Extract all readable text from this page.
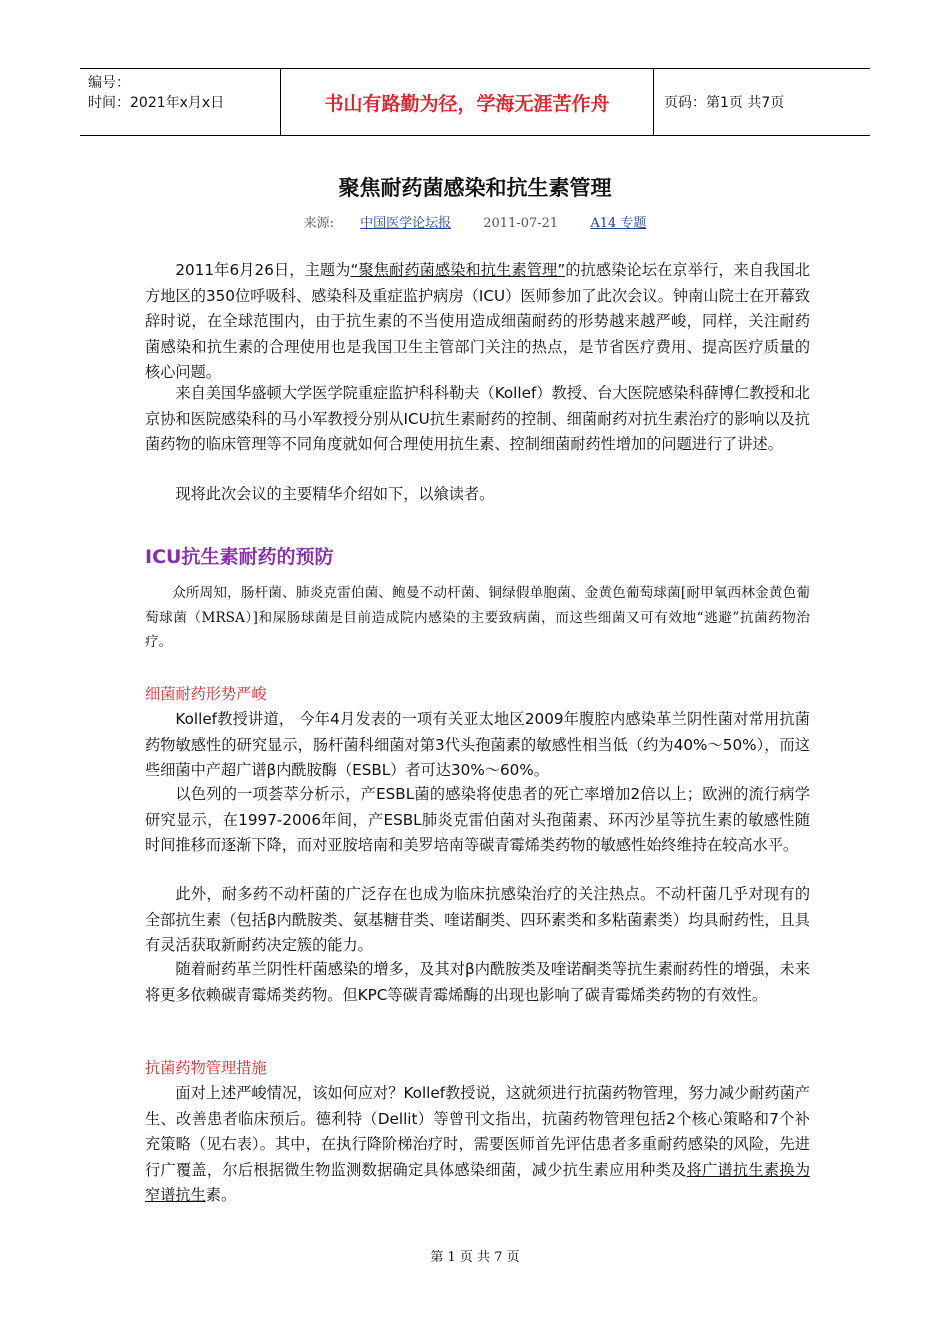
编号：
时间：2021年x月x日	书山有路勤为径，学海无涯苦作舟	页码：第1页 共7页
聚焦耐药菌感染和抗生素管理
来源: 中国医学论坛报 2011-07-21 A14 专题
2011年6月26日，主题为“聚焦耐药菌感染和抗生素管理”的抗感染论坛在京举行，来自我国北方地区的350位呼吸科、感染科及重症监护病房（ICU）医师参加了此次会议。钟南山院士在开幕致辞时说，在全球范围内，由于抗生素的不当使用造成细菌耐药的形势越来越严峻，同样，关注耐药菌感染和抗生素的合理使用也是我国卫生主管部门关注的热点，是节省医疗费用、提高医疗质量的核心问题。
来自美国华盛顿大学医学院重症监护科科勒夫（Kollef）教授、台大医院感染科薛博仁教授和北京协和医院感染科的马小军教授分别从ICU抗生素耐药的控制、细菌耐药对抗生素治疗的影响以及抗菌药物的临床管理等不同角度就如何合理使用抗生素、控制细菌耐药性增加的问题进行了讲述。
现将此次会议的主要精华介绍如下，以飨读者。
ICU抗生素耐药的预防
众所周知，肠杆菌、肺炎克雷伯菌、鲍曼不动杆菌、铜绿假单胞菌、金黄色葡萄球菌[耐甲氧西林金黄色葡萄球菌（MRSA）]和屎肠球菌是目前造成院内感染的主要致病菌，而这些细菌又可有效地“逃避”抗菌药物治疗。
细菌耐药形势严峻
Kollef教授讲道， 今年4月发表的一项有关亚太地区2009年腹腔内感染革兰阴性菌对常用抗菌药物敏感性的研究显示，肠杆菌科细菌对第3代头孢菌素的敏感性相当低（约为40%～50%），而这些细菌中产超广谱β内酰胺酶（ESBL）者可达30%～60%。
以色列的一项荟萃分析示，产ESBL菌的感染将使患者的死亡率增加2倍以上；欧洲的流行病学研究显示，在1997-2006年间，产ESBL肺炎克雷伯菌对头孢菌素、环丙沙星等抗生素的敏感性随时间推移而逐渐下降，而对亚胺培南和美罗培南等碳青霉烯类药物的敏感性始终维持在较高水平。
此外，耐多药不动杆菌的广泛存在也成为临床抗感染治疗的关注热点。不动杆菌几乎对现有的全部抗生素（包括β内酰胺类、氨基糖苷类、喹诺酮类、四环素类和多粘菌素类）均具耐药性，且具有灵活获取新耐药决定簇的能力。
随着耐药革兰阴性杆菌感染的增多，及其对β内酰胺类及喹诺酮类等抗生素耐药性的增强，未来将更多依赖碳青霉烯类药物。但KPC等碳青霉烯酶的出现也影响了碳青霉烯类药物的有效性。
抗菌药物管理措施
面对上述严峻情况，该如何应对？Kollef教授说，这就须进行抗菌药物管理，努力减少耐药菌产生、改善患者临床预后。德利特（Dellit）等曾刊文指出，抗菌药物管理包括2个核心策略和7个补充策略（见右表）。其中，在执行降阶梯治疗时，需要医师首先评估患者多重耐药感染的风险，先进行广覆盖，尔后根据微生物监测数据确定具体感染细菌，减少抗生素应用种类及将广谱抗生素换为窄谱抗生素。
第 1 页 共 7 页
